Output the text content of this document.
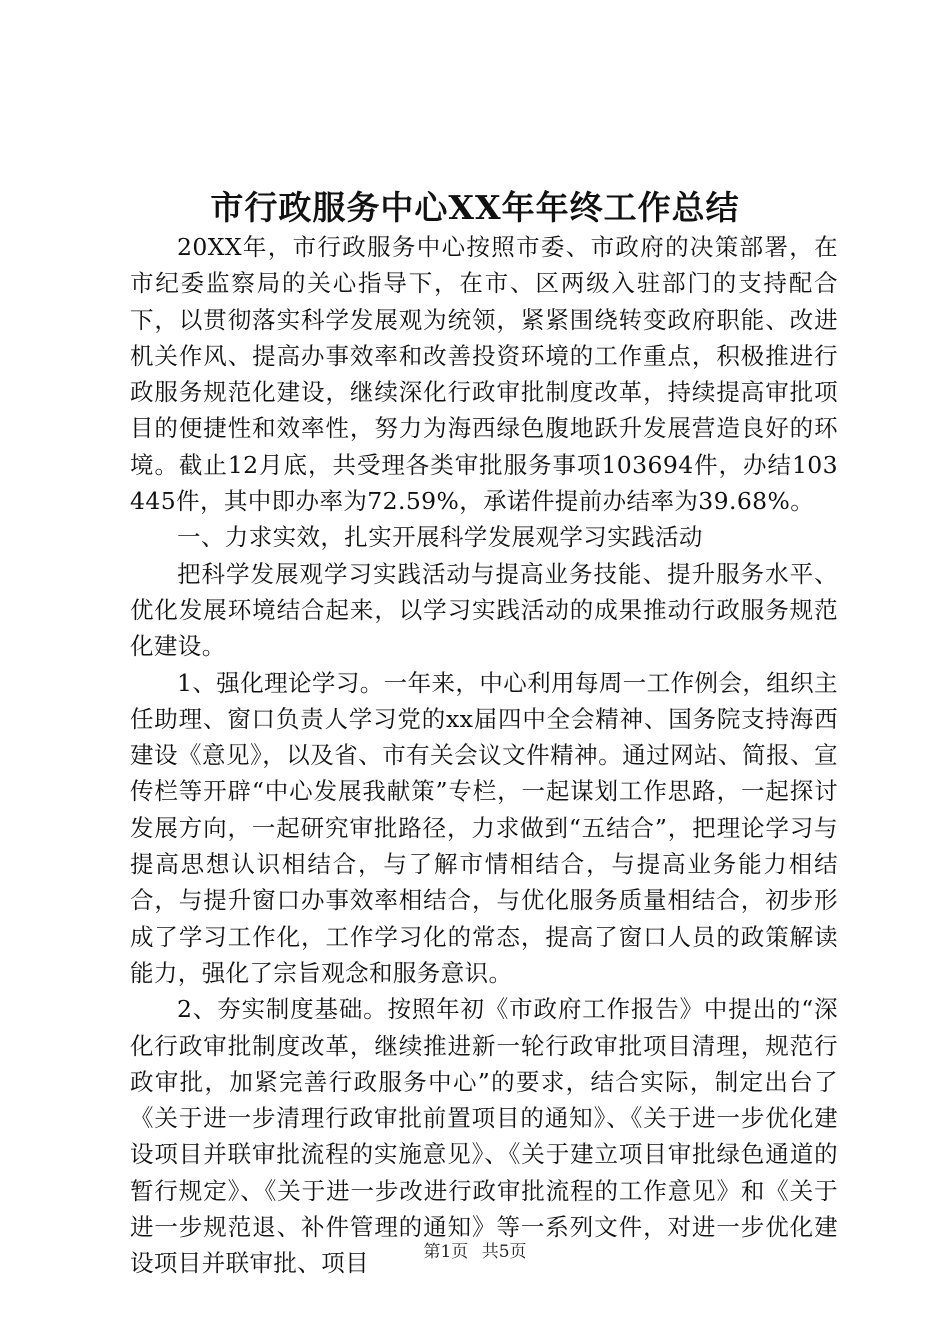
市行政服务中心XX年年终工作总结

20XX年，市行政服务中心按照市委、市政府的决策部署，在市纪委监察局的关心指导下，在市、区两级入驻部门的支持配合下，以贯彻落实科学发展观为统领，紧紧围绕转变政府职能、改进机关作风、提高办事效率和改善投资环境的工作重点，积极推进行政服务规范化建设，继续深化行政审批制度改革，持续提高审批项目的便捷性和效率性，努力为海西绿色腹地跃升发展营造良好的环境。截止12月底，共受理各类审批服务事项103694件，办结103445件，其中即办率为72.59%，承诺件提前办结率为39.68%。

一、力求实效，扎实开展科学发展观学习实践活动

把科学发展观学习实践活动与提高业务技能、提升服务水平、优化发展环境结合起来，以学习实践活动的成果推动行政服务规范化建设。

1、强化理论学习。一年来，中心利用每周一工作例会，组织主任助理、窗口负责人学习党的xx届四中全会精神、国务院支持海西建设《意见》，以及省、市有关会议文件精神。通过网站、简报、宣传栏等开辟“中心发展我献策”专栏，一起谋划工作思路，一起探讨发展方向，一起研究审批路径，力求做到“五结合”，把理论学习与提高思想认识相结合，与了解市情相结合，与提高业务能力相结合，与提升窗口办事效率相结合，与优化服务质量相结合，初步形成了学习工作化，工作学习化的常态，提高了窗口人员的政策解读能力，强化了宗旨观念和服务意识。

2、夯实制度基础。按照年初《市政府工作报告》中提出的“深化行政审批制度改革，继续推进新一轮行政审批项目清理，规范行政审批，加紧完善行政服务中心”的要求，结合实际，制定出台了《关于进一步清理行政审批前置项目的通知》、《关于进一步优化建设项目并联审批流程的实施意见》、《关于建立项目审批绿色通道的暂行规定》、《关于进一步改进行政审批流程的工作意见》和《关于进一步规范退、补件管理的通知》等一系列文件，对进一步优化建设项目并联审批、项目	第1页 共5页
